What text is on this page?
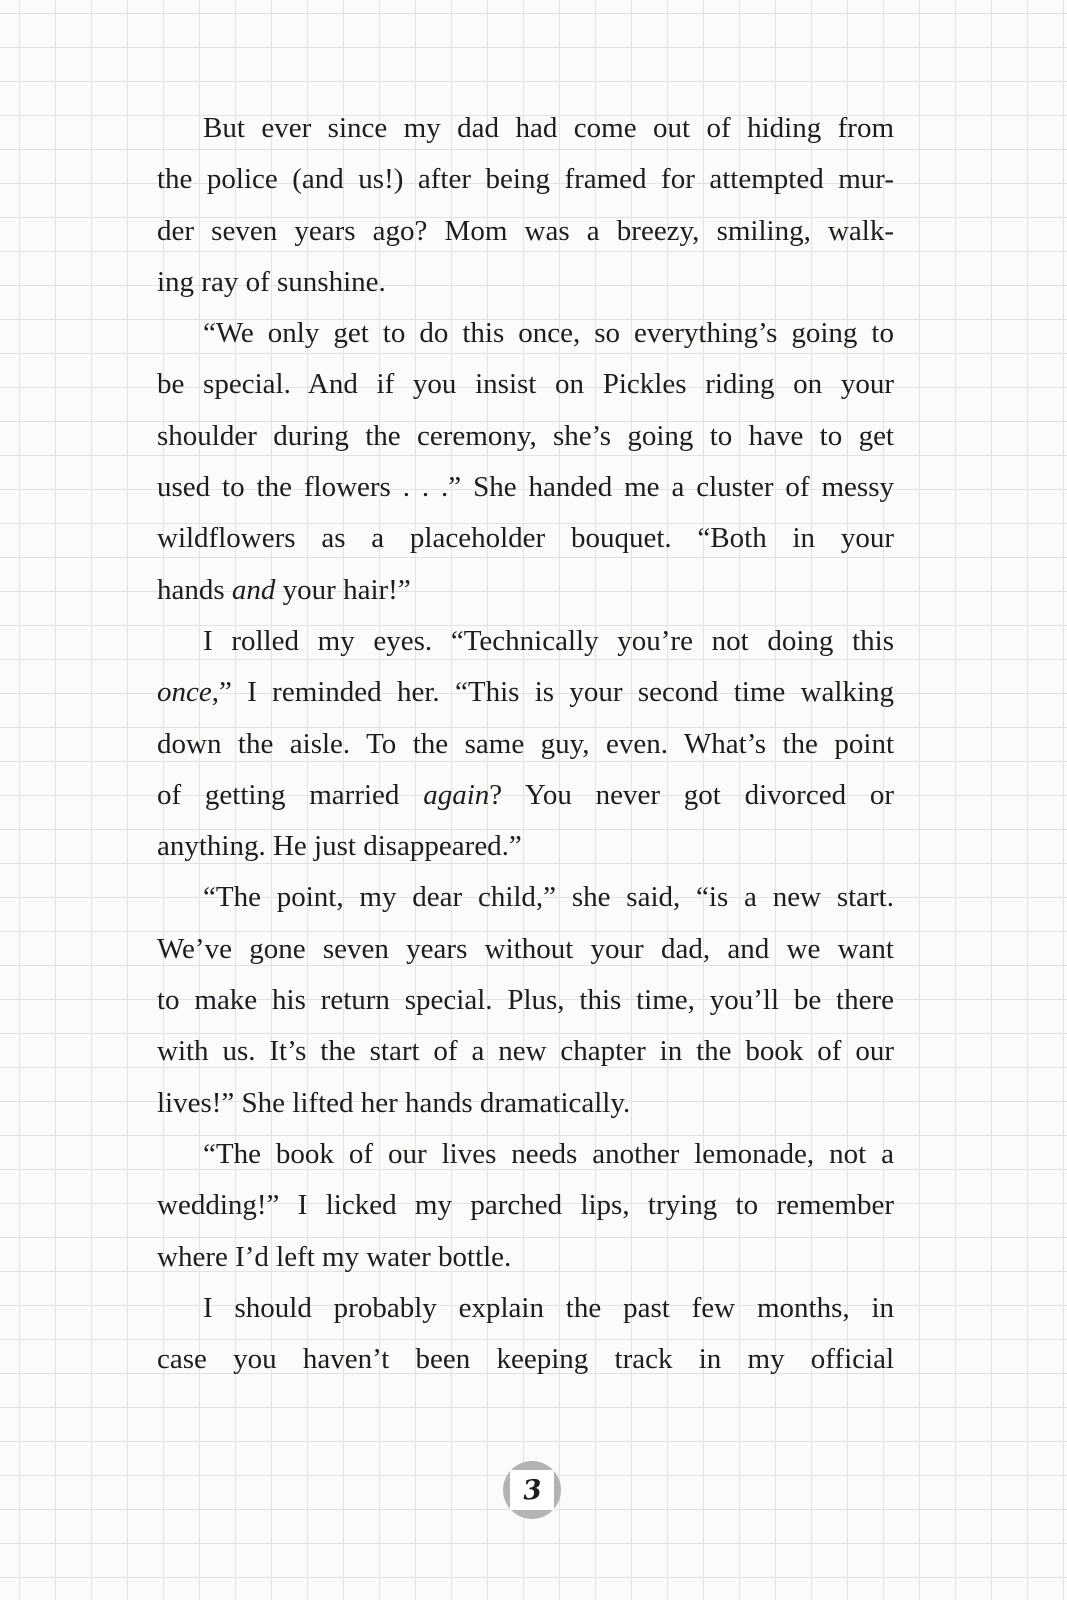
But ever since my dad had come out of hiding from
the police (and us!) after being framed for attempted mur-
der seven years ago? Mom was a breezy, smiling, walk-
ing ray of sunshine.
“We only get to do this once, so everything’s going to
be special. And if you insist on Pickles riding on your
shoulder during the ceremony, she’s going to have to get
used to the flowers . . .” She handed me a cluster of messy
wildflowers as a placeholder bouquet. “Both in your
hands and your hair!”
I rolled my eyes. “Technically you’re not doing this
once,” I reminded her. “This is your second time walking
down the aisle. To the same guy, even. What’s the point
of getting married again? You never got divorced or
anything. He just disappeared.”
“The point, my dear child,” she said, “is a new start.
We’ve gone seven years without your dad, and we want
to make his return special. Plus, this time, you’ll be there
with us. It’s the start of a new chapter in the book of our
lives!” She lifted her hands dramatically.
“The book of our lives needs another lemonade, not a
wedding!” I licked my parched lips, trying to remember
where I’d left my water bottle.
I should probably explain the past few months, in
case you haven’t been keeping track in my official
3
